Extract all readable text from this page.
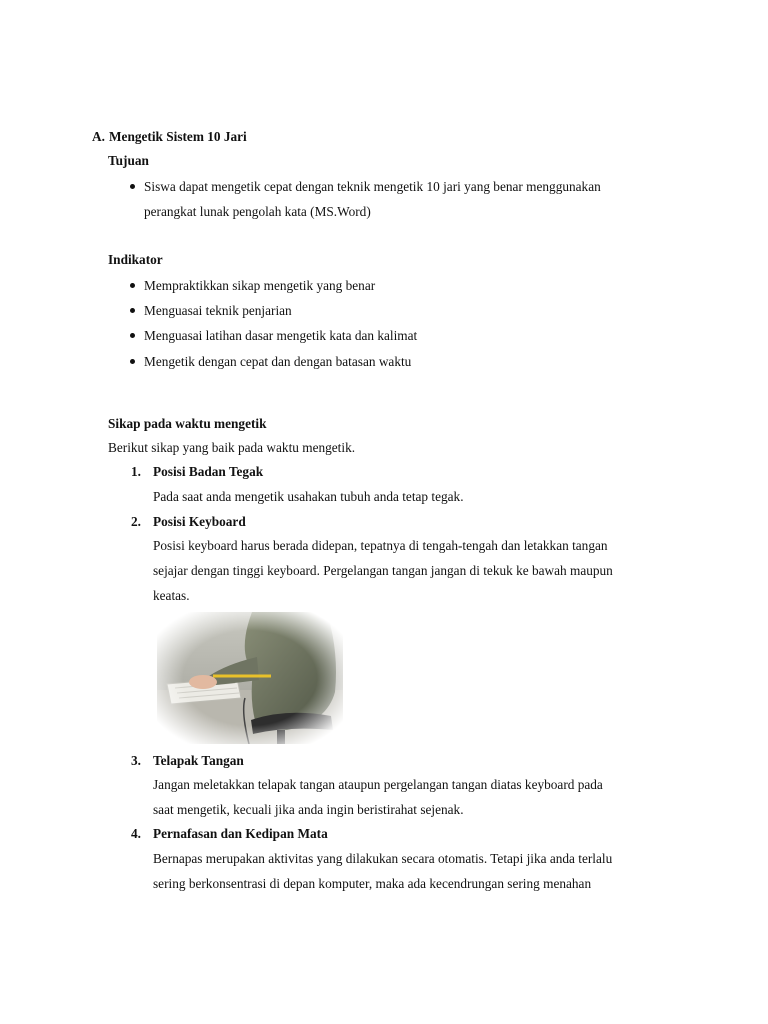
A. Mengetik Sistem 10 Jari
Tujuan
Siswa dapat mengetik cepat dengan teknik mengetik 10 jari yang benar menggunakan
perangkat lunak pengolah kata (MS.Word)
Indikator
Mempraktikkan sikap mengetik yang benar
Menguasai teknik penjarian
Menguasai latihan dasar mengetik kata dan kalimat
Mengetik dengan cepat dan dengan batasan waktu
Sikap pada waktu mengetik
Berikut sikap yang baik pada waktu mengetik.
1. Posisi Badan Tegak
Pada saat anda mengetik usahakan tubuh anda tetap tegak.
2. Posisi Keyboard
Posisi keyboard harus berada didepan, tepatnya di tengah-tengah dan letakkan tangan
sejajar dengan tinggi keyboard. Pergelangan tangan jangan di tekuk ke bawah maupun
keatas.
3. Telapak Tangan
Jangan meletakkan telapak tangan ataupun pergelangan tangan diatas keyboard pada
saat mengetik, kecuali jika anda ingin beristirahat sejenak.
4. Pernafasan dan Kedipan Mata
Bernapas merupakan aktivitas yang dilakukan secara otomatis. Tetapi jika anda terlalu
sering berkonsentrasi di depan komputer, maka ada kecendrungan sering menahan
